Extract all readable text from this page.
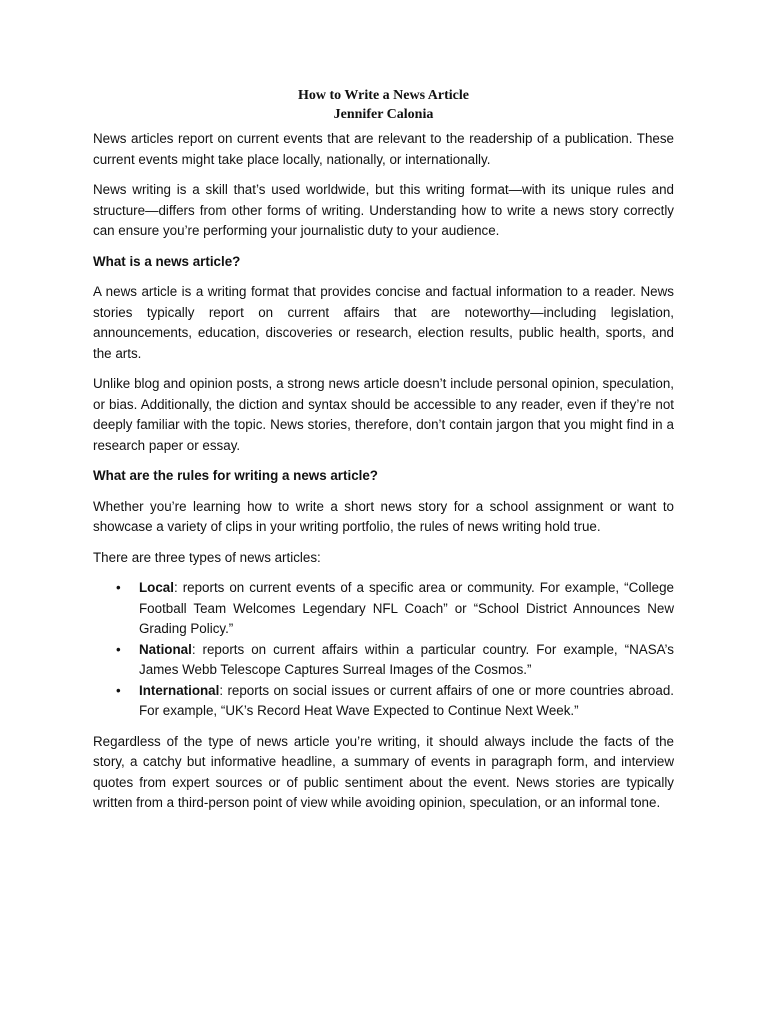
How to Write a News Article
Jennifer Calonia

News articles report on current events that are relevant to the readership of a publication. These current events might take place locally, nationally, or internationally.

News writing is a skill that’s used worldwide, but this writing format—with its unique rules and structure—differs from other forms of writing. Understanding how to write a news story correctly can ensure you’re performing your journalistic duty to your audience.

What is a news article?

A news article is a writing format that provides concise and factual information to a reader. News stories typically report on current affairs that are noteworthy—including legislation, announcements, education, discoveries or research, election results, public health, sports, and the arts.

Unlike blog and opinion posts, a strong news article doesn’t include personal opinion, speculation, or bias. Additionally, the diction and syntax should be accessible to any reader, even if they’re not deeply familiar with the topic. News stories, therefore, don’t contain jargon that you might find in a research paper or essay.

What are the rules for writing a news article?

Whether you’re learning how to write a short news story for a school assignment or want to showcase a variety of clips in your writing portfolio, the rules of news writing hold true.

There are three types of news articles:

• Local: reports on current events of a specific area or community. For example, “College Football Team Welcomes Legendary NFL Coach” or “School District Announces New Grading Policy.”
• National: reports on current affairs within a particular country. For example, “NASA’s James Webb Telescope Captures Surreal Images of the Cosmos.”
• International: reports on social issues or current affairs of one or more countries abroad. For example, “UK’s Record Heat Wave Expected to Continue Next Week.”

Regardless of the type of news article you’re writing, it should always include the facts of the story, a catchy but informative headline, a summary of events in paragraph form, and interview quotes from expert sources or of public sentiment about the event. News stories are typically written from a third-person point of view while avoiding opinion, speculation, or an informal tone.
